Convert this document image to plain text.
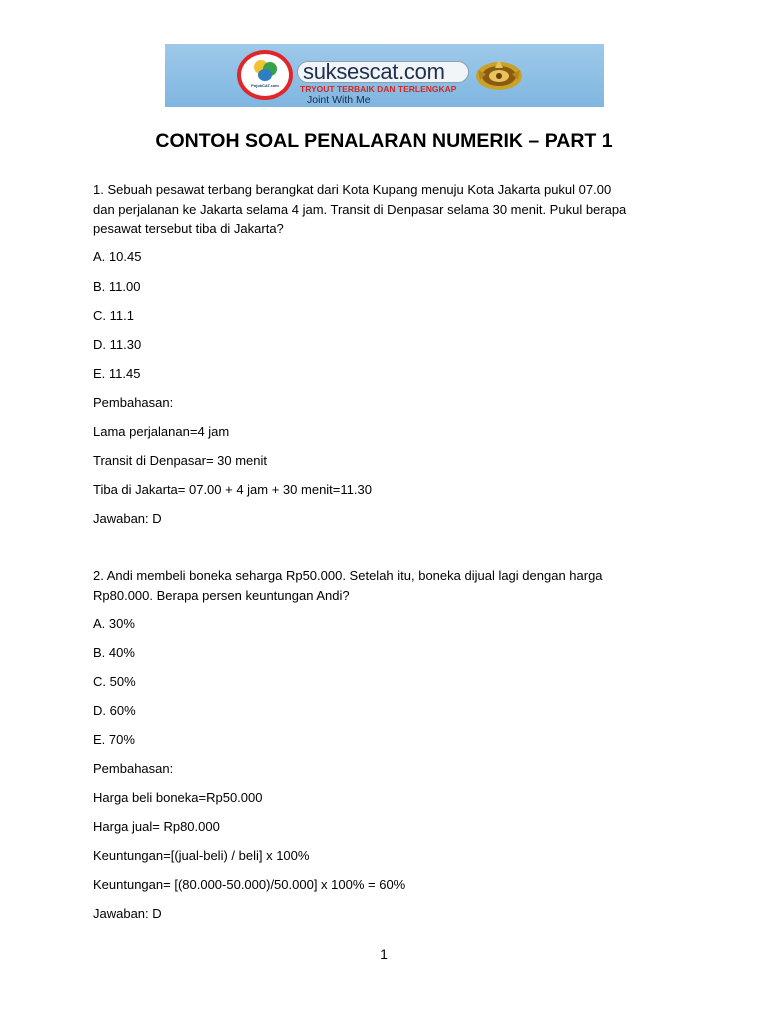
PojokCAT.com
suksescat.com
TRYOUT TERBAIK DAN TERLENGKAP
Joint With Me
CONTOH SOAL PENALARAN NUMERIK – PART 1
1. Sebuah pesawat terbang berangkat dari Kota Kupang menuju Kota Jakarta pukul 07.00
dan perjalanan ke Jakarta selama 4 jam. Transit di Denpasar selama 30 menit. Pukul berapa
pesawat tersebut tiba di Jakarta?
A. 10.45
B. 11.00
C. 11.1
D. 11.30
E. 11.45
Pembahasan:
Lama perjalanan=4 jam
Transit di Denpasar= 30 menit
Tiba di Jakarta= 07.00 + 4 jam + 30 menit=11.30
Jawaban: D
2. Andi membeli boneka seharga Rp50.000. Setelah itu, boneka dijual lagi dengan harga
Rp80.000. Berapa persen keuntungan Andi?
A. 30%
B. 40%
C. 50%
D. 60%
E. 70%
Pembahasan:
Harga beli boneka=Rp50.000
Harga jual= Rp80.000
Keuntungan=[(jual-beli) / beli] x 100%
Keuntungan= [(80.000-50.000)/50.000] x 100% = 60%
Jawaban: D
1
